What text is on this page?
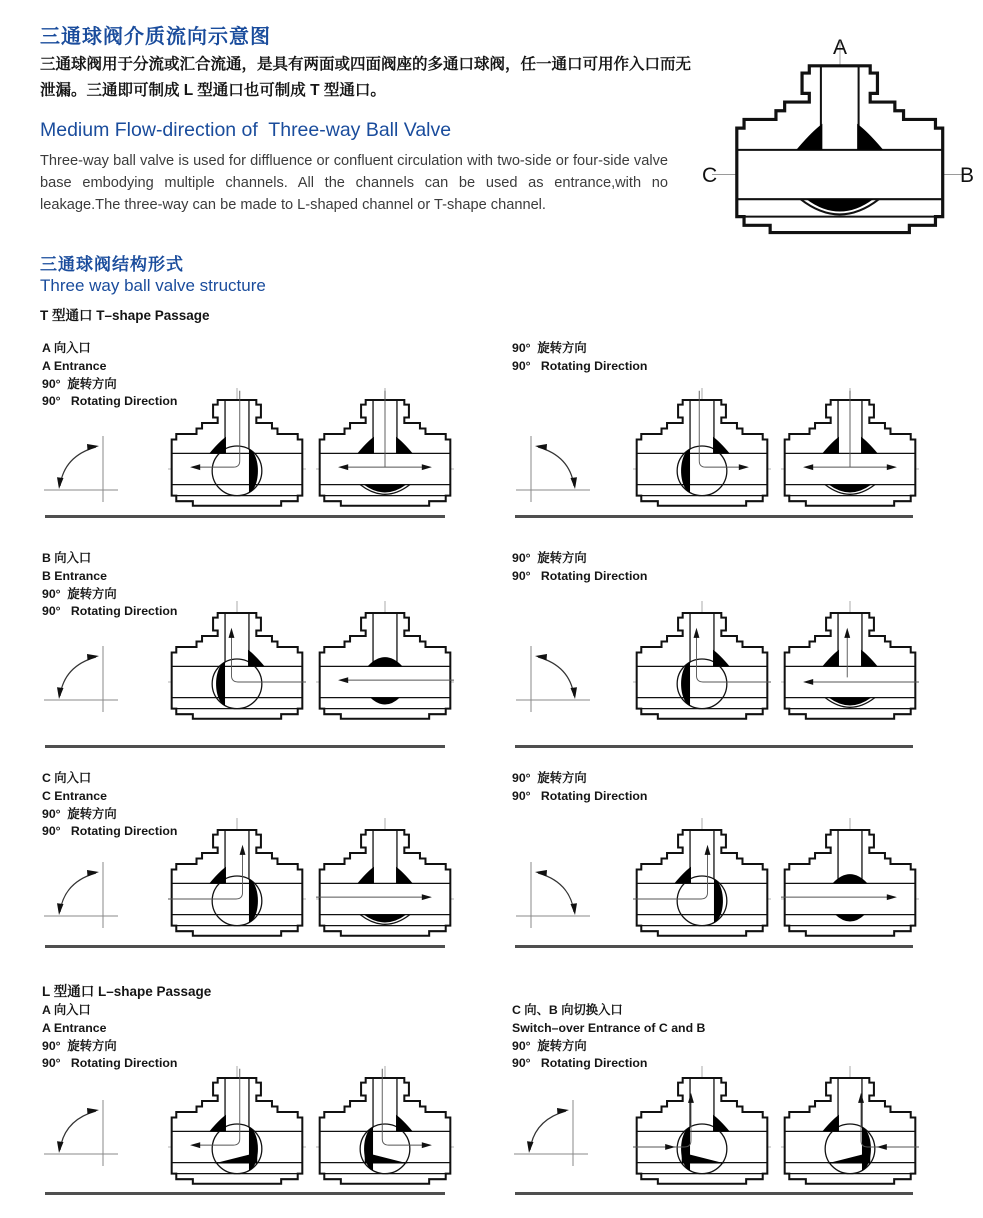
三通球阀介质流向示意图
三通球阀用于分流或汇合流通，是具有两面或四面阀座的多通口球阀，任一通口可用作入口而无泄漏。三通即可制成 L 型通口也可制成 T 型通口。
Medium Flow-direction of  Three-way Ball Valve
Three-way ball valve is used for diffluence or confluent circulation with two-side or four-side valve base embodying multiple channels. All the channels can be used as entrance,with no leakage.The three-way can be made to L-shaped channel or T-shape channel.
A
C	B
三通球阀结构形式
Three way ball valve structure
T 型通口 T–shape Passage
L 型通口 L–shape Passage
A 向入口
A Entrance
90°  旋转方向
90°   Rotating Direction
90°  旋转方向
90°   Rotating Direction
B 向入口
B Entrance
90°  旋转方向
90°   Rotating Direction
90°  旋转方向
90°   Rotating Direction
C 向入口
C Entrance
90°  旋转方向
90°   Rotating Direction
90°  旋转方向
90°   Rotating Direction
A 向入口
A Entrance
90°  旋转方向
90°   Rotating Direction
C 向、B 向切换入口
Switch–over Entrance of C and B
90°  旋转方向
90°   Rotating Direction
